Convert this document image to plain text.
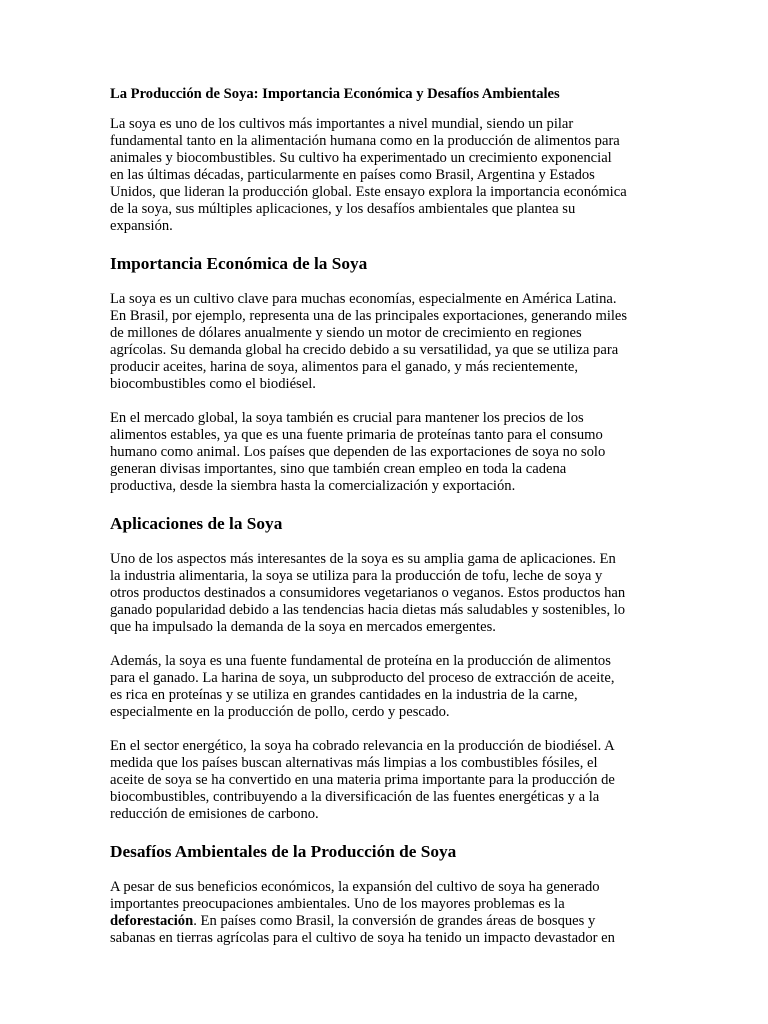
La Producción de Soya: Importancia Económica y Desafíos Ambientales

La soya es uno de los cultivos más importantes a nivel mundial, siendo un pilar
fundamental tanto en la alimentación humana como en la producción de alimentos para
animales y biocombustibles. Su cultivo ha experimentado un crecimiento exponencial
en las últimas décadas, particularmente en países como Brasil, Argentina y Estados
Unidos, que lideran la producción global. Este ensayo explora la importancia económica
de la soya, sus múltiples aplicaciones, y los desafíos ambientales que plantea su
expansión.

Importancia Económica de la Soya

La soya es un cultivo clave para muchas economías, especialmente en América Latina.
En Brasil, por ejemplo, representa una de las principales exportaciones, generando miles
de millones de dólares anualmente y siendo un motor de crecimiento en regiones
agrícolas. Su demanda global ha crecido debido a su versatilidad, ya que se utiliza para
producir aceites, harina de soya, alimentos para el ganado, y más recientemente,
biocombustibles como el biodiésel.

En el mercado global, la soya también es crucial para mantener los precios de los
alimentos estables, ya que es una fuente primaria de proteínas tanto para el consumo
humano como animal. Los países que dependen de las exportaciones de soya no solo
generan divisas importantes, sino que también crean empleo en toda la cadena
productiva, desde la siembra hasta la comercialización y exportación.

Aplicaciones de la Soya

Uno de los aspectos más interesantes de la soya es su amplia gama de aplicaciones. En
la industria alimentaria, la soya se utiliza para la producción de tofu, leche de soya y
otros productos destinados a consumidores vegetarianos o veganos. Estos productos han
ganado popularidad debido a las tendencias hacia dietas más saludables y sostenibles, lo
que ha impulsado la demanda de la soya en mercados emergentes.

Además, la soya es una fuente fundamental de proteína en la producción de alimentos
para el ganado. La harina de soya, un subproducto del proceso de extracción de aceite,
es rica en proteínas y se utiliza en grandes cantidades en la industria de la carne,
especialmente en la producción de pollo, cerdo y pescado.

En el sector energético, la soya ha cobrado relevancia en la producción de biodiésel. A
medida que los países buscan alternativas más limpias a los combustibles fósiles, el
aceite de soya se ha convertido en una materia prima importante para la producción de
biocombustibles, contribuyendo a la diversificación de las fuentes energéticas y a la
reducción de emisiones de carbono.

Desafíos Ambientales de la Producción de Soya

A pesar de sus beneficios económicos, la expansión del cultivo de soya ha generado
importantes preocupaciones ambientales. Uno de los mayores problemas es la
deforestación. En países como Brasil, la conversión de grandes áreas de bosques y
sabanas en tierras agrícolas para el cultivo de soya ha tenido un impacto devastador en
